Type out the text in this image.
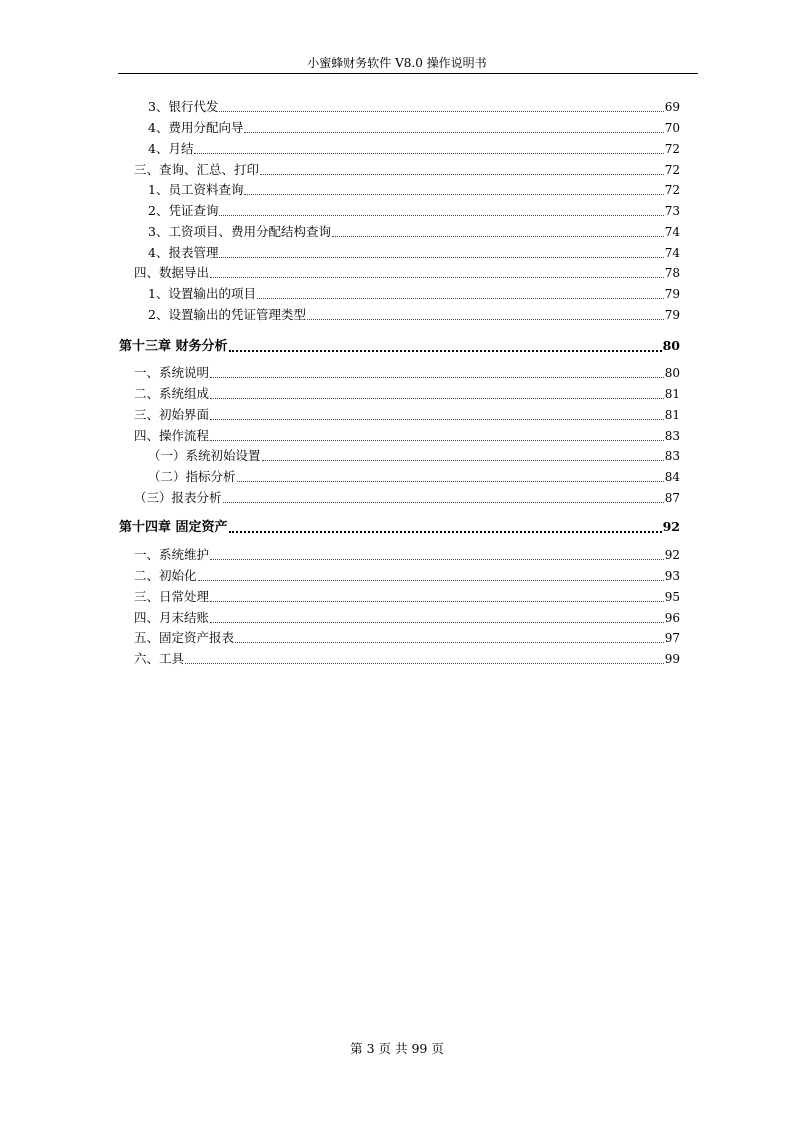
小蜜蜂财务软件 V8.0 操作说明书
3、银行代发	69
4、费用分配向导	70
4、月结	72
三、查询、汇总、打印	72
1、员工资料查询	72
2、凭证查询	73
3、工资项目、费用分配结构查询	74
4、报表管理	74
四、数据导出	78
1、设置输出的项目	79
2、设置输出的凭证管理类型	79
第十三章 财务分析	80
一、系统说明	80
二、系统组成	81
三、初始界面	81
四、操作流程	83
（一）系统初始设置	83
（二）指标分析	84
（三）报表分析	87
第十四章 固定资产	92
一、系统维护	92
二、初始化	93
三、日常处理	95
四、月末结账	96
五、固定资产报表	97
六、工具	99
第 3 页 共 99 页
